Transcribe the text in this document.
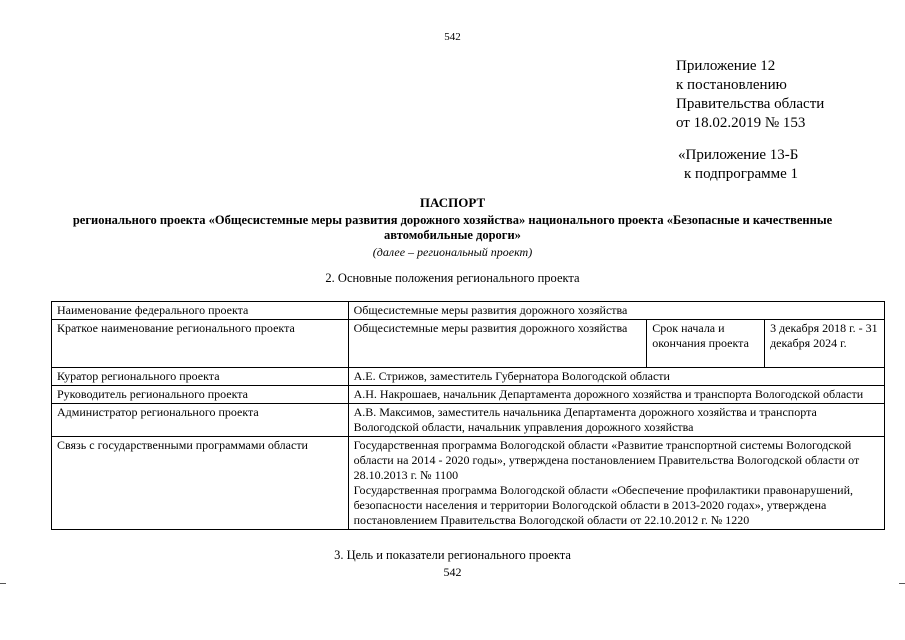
542
Приложение 12
к постановлению
Правительства области
от 18.02.2019 № 153
«Приложение 13-Б
к подпрограмме 1
ПАСПОРТ
регионального проекта «Общесистемные меры развития дорожного хозяйства» национального проекта «Безопасные и качественные автомобильные дороги»
(далее – региональный проект)
2. Основные положения регионального проекта
Наименование федерального проекта	Общесистемные меры развития дорожного хозяйства		
Краткое наименование регионального проекта	Общесистемные меры развития дорожного хозяйства	Срок начала и окончания проекта	3 декабря 2018 г. - 31 декабря 2024 г.
Куратор регионального проекта	А.Е. Стрижов, заместитель Губернатора Вологодской области		
Руководитель регионального проекта	А.Н. Накрошаев, начальник Департамента дорожного хозяйства и транспорта Вологодской области		
Администратор регионального проекта	А.В. Максимов, заместитель начальника Департамента дорожного хозяйства и транспорта Вологодской области, начальник управления дорожного хозяйства		
Связь с государственными программами области	Государственная программа Вологодской области «Развитие транспортной системы Вологодской области на 2014 - 2020 годы», утверждена постановлением Правительства Вологодской области от 28.10.2013 г. № 1100
Государственная программа Вологодской области «Обеспечение профилактики правонарушений, безопасности населения и территории Вологодской области в 2013-2020 годах», утверждена постановлением Правительства Вологодской области от 22.10.2012 г. № 1220		
3. Цель и показатели регионального проекта
542
